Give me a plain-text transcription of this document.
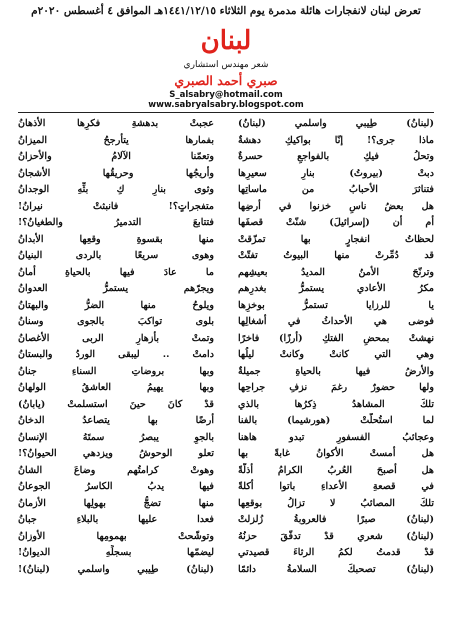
تعرض لبنان لانفجارات هائلة مدمرة يوم الثلاثاء ١٤٤١/١٢/١٥هـ الموافق ٤ أغسطس ٢٠٢٠م
لبنان
شعر مهندس استشاري
صبري أحمد الصبري
S_alsabry@hotmail.com
www.sabryalsabry.blogspot.com
(لبنانُ) طِيبي واسلمي (لبنانُ)
عجبتْ بدهشةِ فكرِها الأذهانُ
ماذا جرى؟! إنّا بواكيكِ دهشةٌ
بفمارها يتأرجحُ الميزانُ
وتحلُ فيكِ بالفواجعِ حسرةٌ
وتعمّنا الآلامُ والأحزانُ
دبتْ (بيروتُ) بنارِ سعيرِها
وأريجُها وحريقُها الأشجانُ
فتناثرَ الأحبابُ من ماساتِها
وثوى بنارِ كِ بثِّهِ الوجدانُ
هل بعضُ ناسِ خزنوا في أرضِها
متفجراتٍ؟! فانبثتْ نيرانُ!
أم أن (إسرائيلَ) شنّتْ قصفَها
فتتابعَ التدميرُ والطغيانُ؟!
لحظاتُ انفجارٍ بها تمزّقتْ
منها بقسوةِ وقعِها الأبدانُ
قد دُمِّرتْ منها البيوتُ تفتّتْ
وهوى سريعًا بالردى البنيانُ
وترنّحَ الأمنُ المديدُ بعيشِهم
ما عادَ فيها بالحياةِ أمانُ
مكرُ الأعادي يستمرُّ بغدرِهم
ويجرّهم يستمرُّ العدوانُ
يا للرزايا تستمرُّ بوخزِها
ويلوحُ منها الضرُّ والبهتانُ
فوضى هي الأحداثُ في أشغالِها
بلوى تواكبَ بالجوى وسنانُ
نهشتْ بمحضِ الفتكِ (أرزًا) فاخرًا
وتمتْ بأزهارِ الربى الأغصانُ
وهي التي كانتْ وكانتْ ليلُها
دامتْ .. ليبقى الوردُ والبستانُ
والأرضُ فيها بالحياةِ جميلةٌ
وبها بروضاتِ السناءِ جنانُ
ولها حضورٌ رغمَ نزفِ جراحِها
وبها يهيمُ العاشقُ الولهانُ
تلكَ المشاهدُ ذِكرُها بالذي
قدْ كانَ حينَ استسلمتْ (يابانُ)
لما استُحلّتْ (هورشيما) بالفنا
أرضًا بها يتصاعدُ الدخانُ
وعجائبُ الفسفورِ تبدو هاهنا
بالجوِ يبصرُ سمتَهُ الإنسانُ
هل أمستْ الأكوانُ غابةً بها
تعلو الوحوشُ ويزدهي الحيوانُ؟!
هل أصبحَ العُربُ الكرامُ أذلّةً
وهوتْ كرامتُهم وضاعَ الشانُ
في قصعةِ الأعداءِ باتوا أكلةً
فيها يدبُ الكاسرُ الجوعانُ
تلكَ المصائبُ لا تزالُ بوقعِها
منها تضجُّ بهولِها الأزمانُ
(لبنانُ) صبرًا فالعروبةُ زُلزلتْ
فعدا عليها بالبلاءِ جبانُ
(لبنانُ) شعري قدْ تدفّقَ حزنُهُ
وتوشّحتْ بهمومِها الأوزانُ
قدْ قدمتُ لكمُ الرثاءَ قصيدتي
ليضمّها بسجلِّهِ الديوانُ!
(لبنانُ) تصحبكَ السلامةُ دائمًا
(لبنانُ) طِيبي واسلمي (لبنانُ)!
